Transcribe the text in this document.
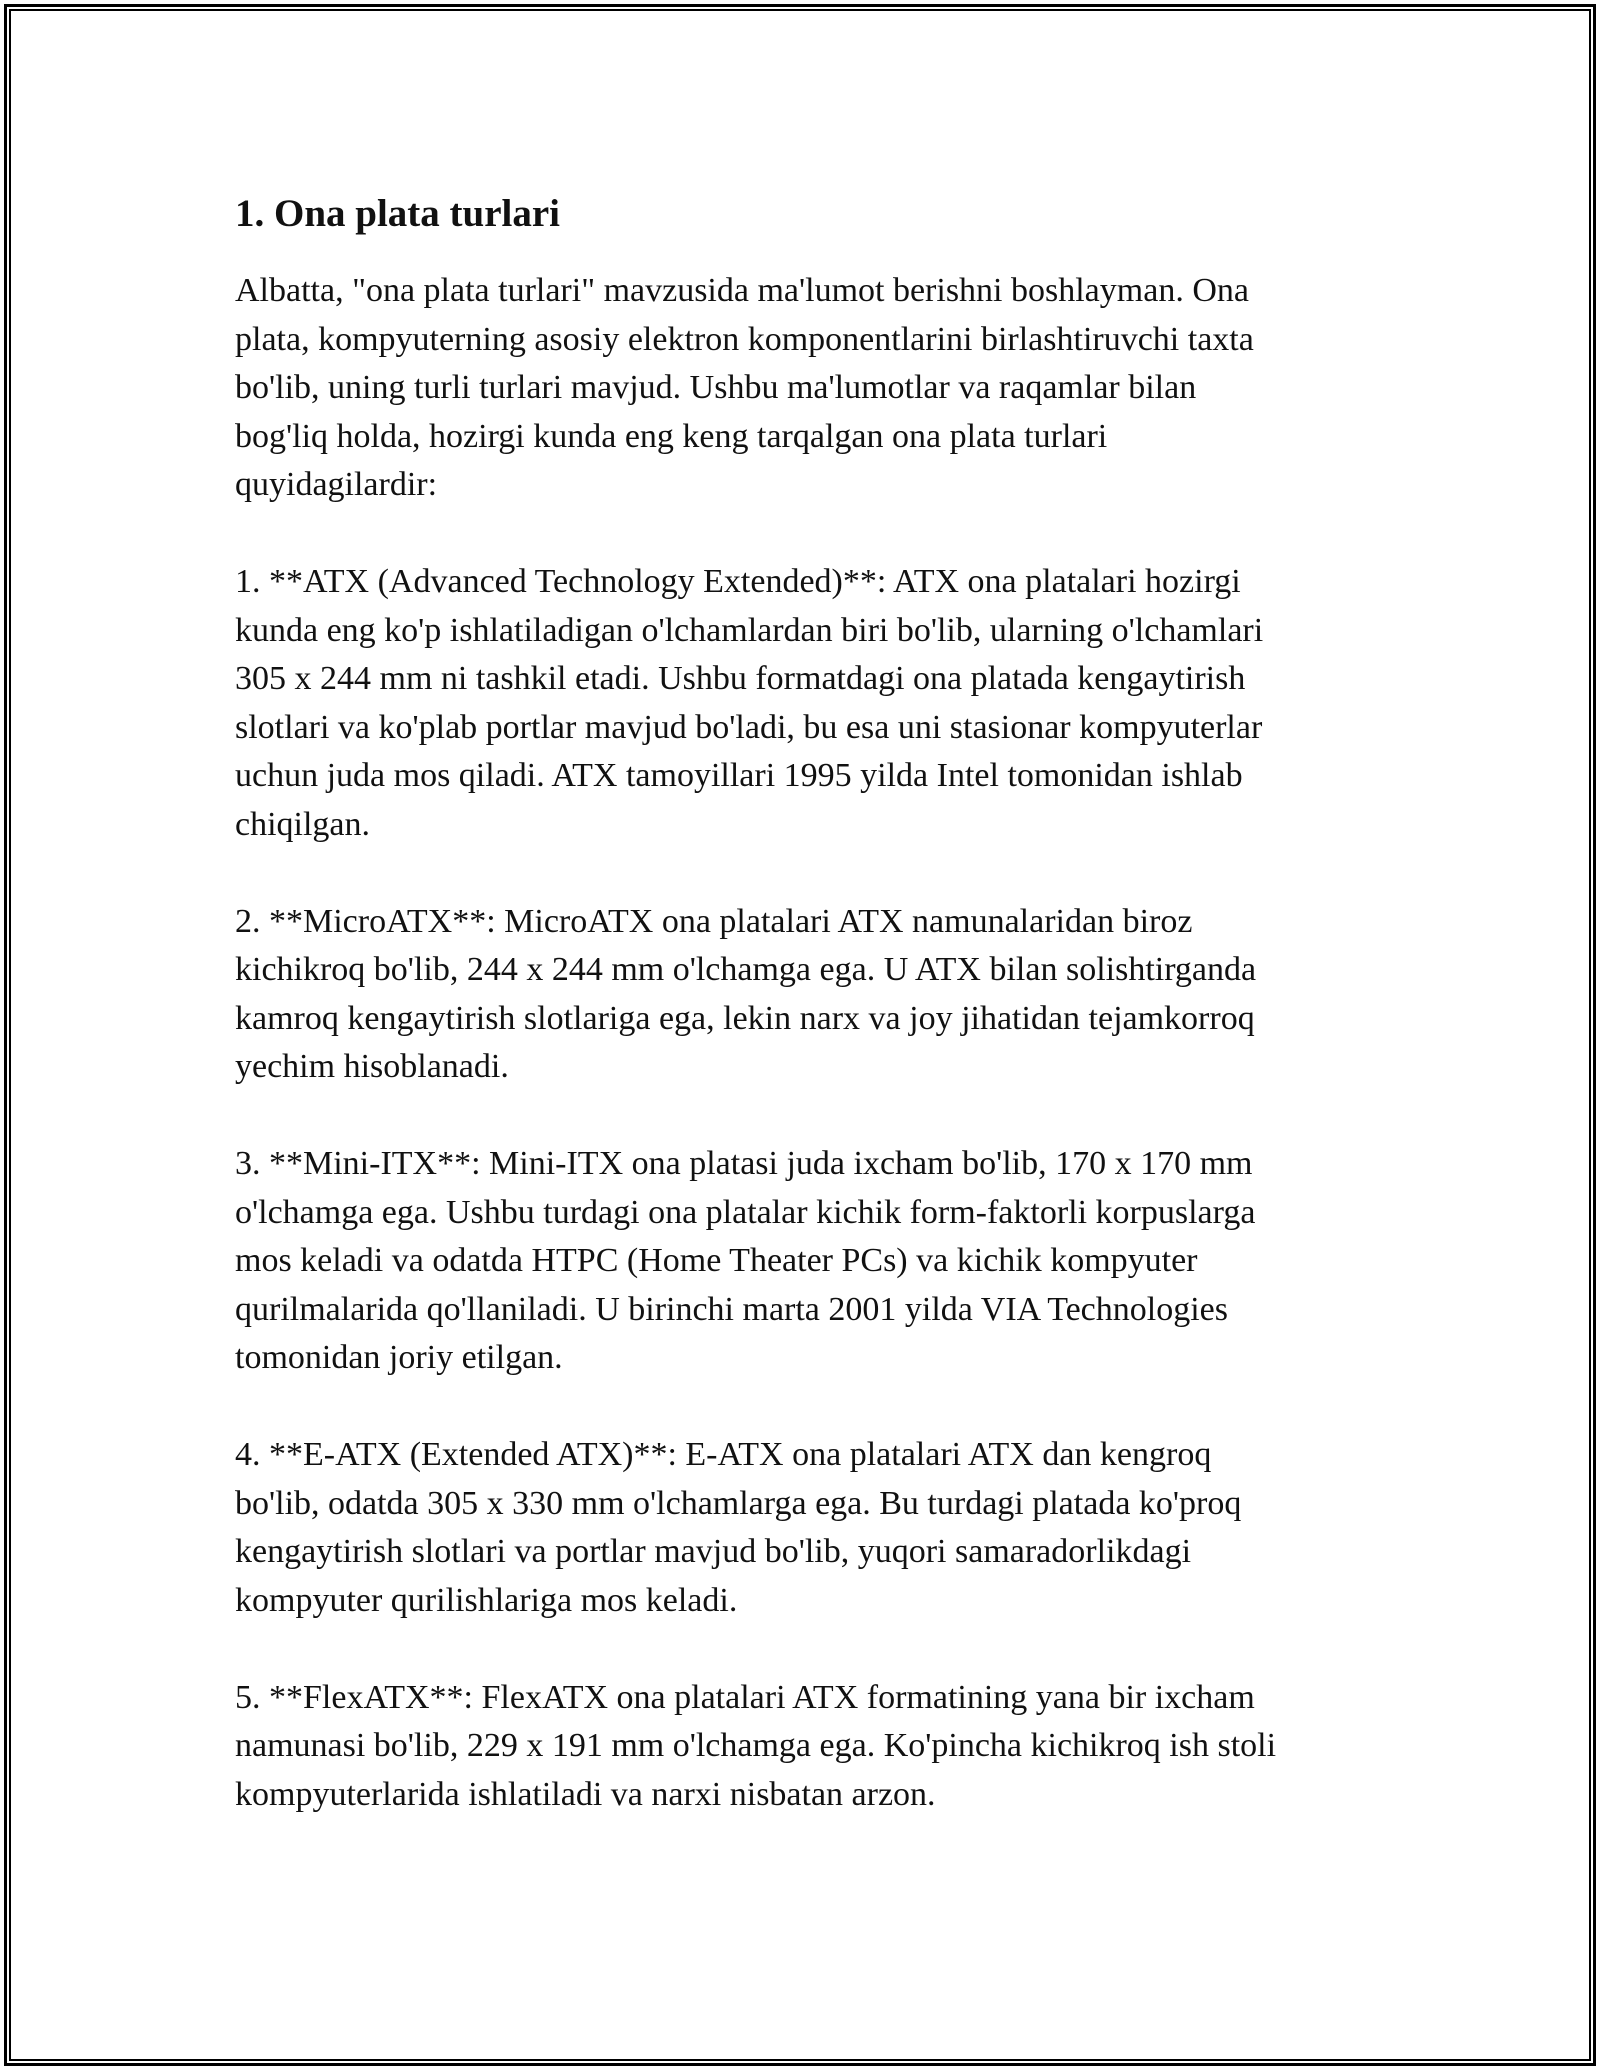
1. Ona plata turlari

Albatta, "ona plata turlari" mavzusida ma'lumot berishni boshlayman. Ona
plata, kompyuterning asosiy elektron komponentlarini birlashtiruvchi taxta
bo'lib, uning turli turlari mavjud. Ushbu ma'lumotlar va raqamlar bilan
bog'liq holda, hozirgi kunda eng keng tarqalgan ona plata turlari
quyidagilardir:

1. **ATX (Advanced Technology Extended)**: ATX ona platalari hozirgi
kunda eng ko'p ishlatiladigan o'lchamlardan biri bo'lib, ularning o'lchamlari
305 x 244 mm ni tashkil etadi. Ushbu formatdagi ona platada kengaytirish
slotlari va ko'plab portlar mavjud bo'ladi, bu esa uni stasionar kompyuterlar
uchun juda mos qiladi. ATX tamoyillari 1995 yilda Intel tomonidan ishlab
chiqilgan.

2. **MicroATX**: MicroATX ona platalari ATX namunalaridan biroz
kichikroq bo'lib, 244 x 244 mm o'lchamga ega. U ATX bilan solishtirganda
kamroq kengaytirish slotlariga ega, lekin narx va joy jihatidan tejamkorroq
yechim hisoblanadi.

3. **Mini-ITX**: Mini-ITX ona platasi juda ixcham bo'lib, 170 x 170 mm
o'lchamga ega. Ushbu turdagi ona platalar kichik form-faktorli korpuslarga
mos keladi va odatda HTPC (Home Theater PCs) va kichik kompyuter
qurilmalarida qo'llaniladi. U birinchi marta 2001 yilda VIA Technologies
tomonidan joriy etilgan.

4. **E-ATX (Extended ATX)**: E-ATX ona platalari ATX dan kengroq
bo'lib, odatda 305 x 330 mm o'lchamlarga ega. Bu turdagi platada ko'proq
kengaytirish slotlari va portlar mavjud bo'lib, yuqori samaradorlikdagi
kompyuter qurilishlariga mos keladi.

5. **FlexATX**: FlexATX ona platalari ATX formatining yana bir ixcham
namunasi bo'lib, 229 x 191 mm o'lchamga ega. Ko'pincha kichikroq ish stoli
kompyuterlarida ishlatiladi va narxi nisbatan arzon.
